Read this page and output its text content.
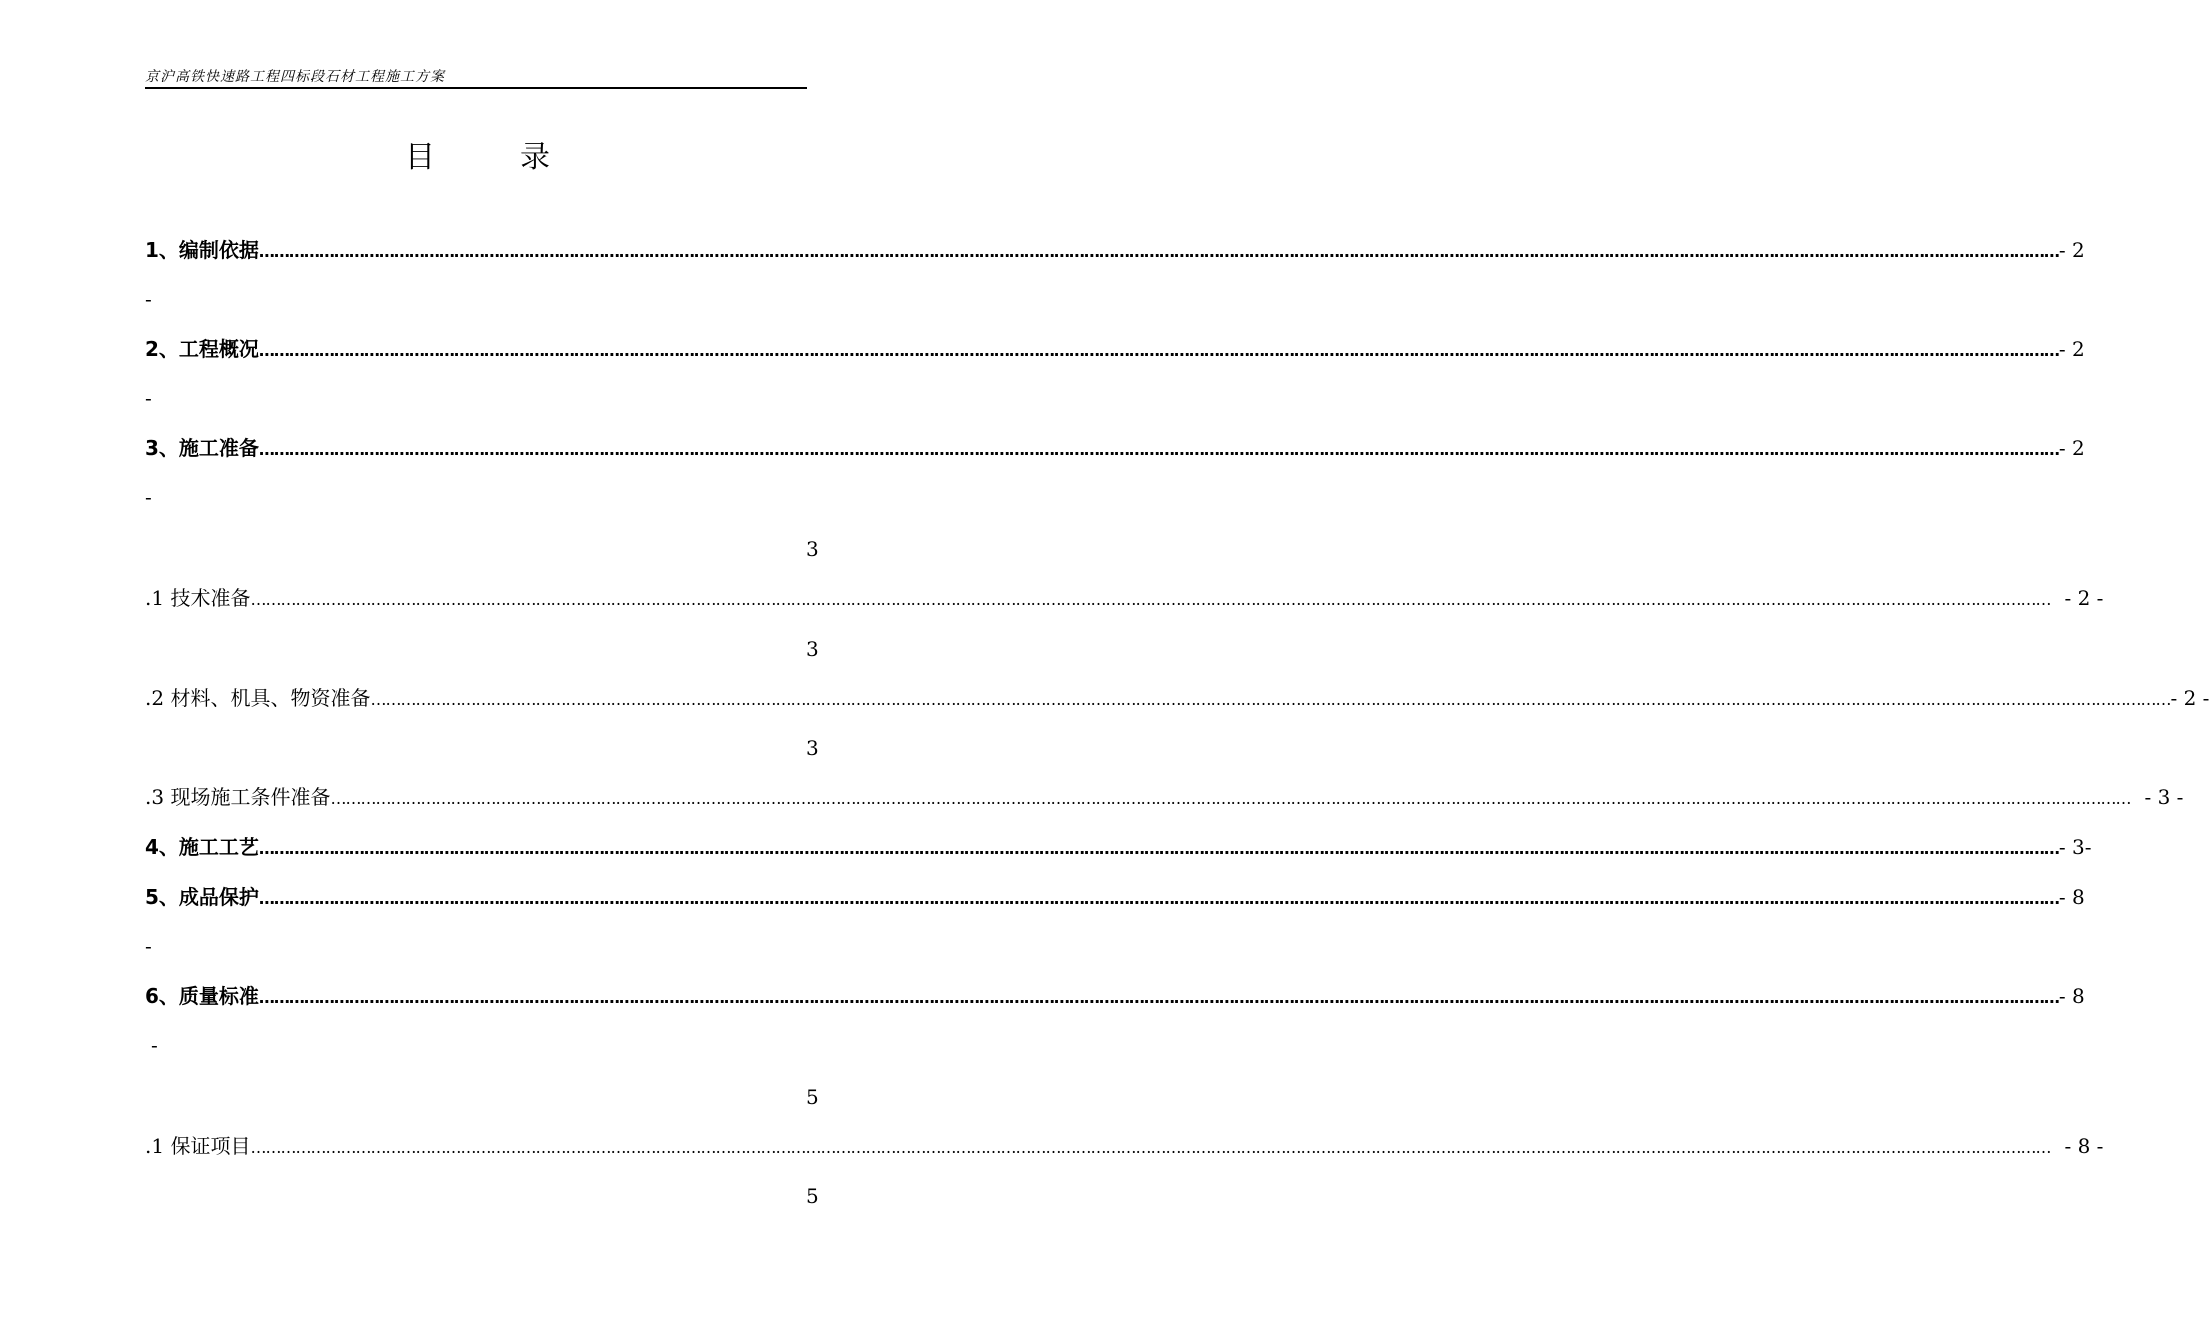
京沪高铁快速路工程四标段石材工程施工方案
目	录
1、编制依据 ……………………………………………………………………………………………………………………………………………………………………………………………………………………………………………………………………………………………………………………………… - 2
-
2、工程概况 ……………………………………………………………………………………………………………………………………………………………………………………………………………………………………………………………………………………………………………………………… - 2
-
3、施工准备 ……………………………………………………………………………………………………………………………………………………………………………………………………………………………………………………………………………………………………………………………… - 2
-
3
.1 技术准备 ……………………………………………………………………………………………………………………………………………………………………………………………………………………………………………………………………………………………………………………………… - 2 -
3
.2 材料、机具、物资准备 ……………………………………………………………………………………………………………………………………………………………………………………………………………………………………………………………………………………………………………………………… - 2 -
3
.3 现场施工条件准备 ……………………………………………………………………………………………………………………………………………………………………………………………………………………………………………………………………………………………………………………………… - 3 -
4、施工工艺 ……………………………………………………………………………………………………………………………………………………………………………………………………………………………………………………………………………………………………………………………… - 3-
5、成品保护 ……………………………………………………………………………………………………………………………………………………………………………………………………………………………………………………………………………………………………………………………… - 8
-
6、质量标准 ……………………………………………………………………………………………………………………………………………………………………………………………………………………………………………………………………………………………………………………………… - 8
-
5
.1 保证项目 ……………………………………………………………………………………………………………………………………………………………………………………………………………………………………………………………………………………………………………………………… - 8 -
5
